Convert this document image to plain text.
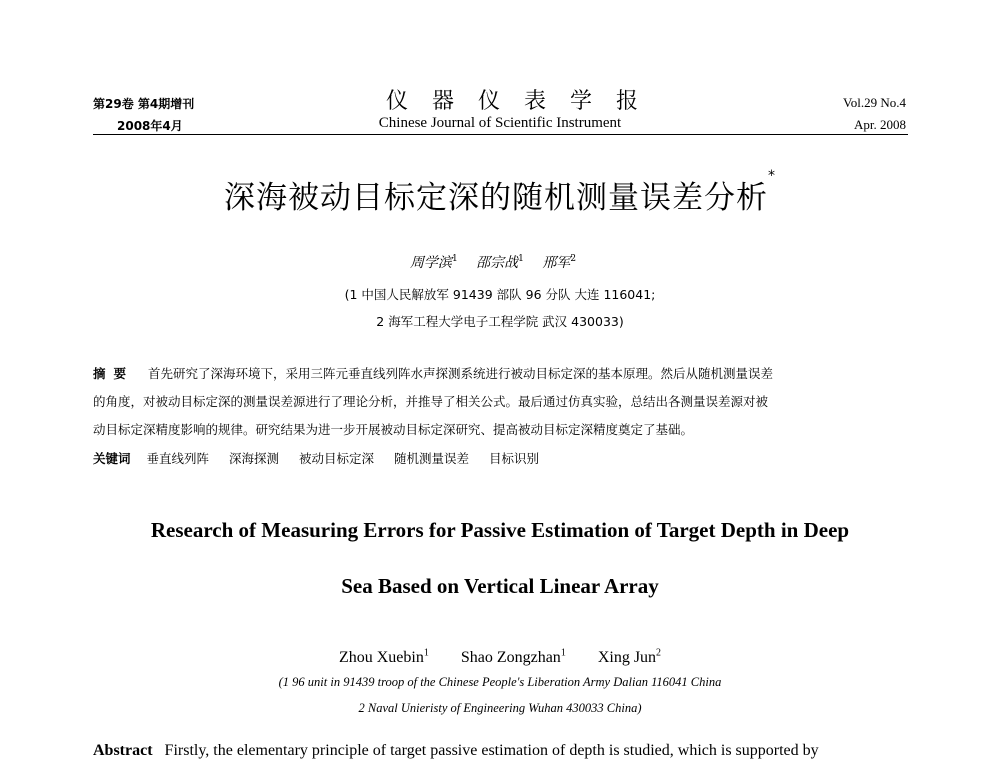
第29卷 第4期增刊
2008年4月
仪器仪表学报
Chinese Journal of Scientific Instrument
Vol.29 No.4
Apr. 2008
深海被动目标定深的随机测量误差分析*
周学滨$^1$ 邵宗战$^1$ 邢军$^2$
(1 中国人民解放军 91439 部队 96 分队 大连 116041;
2 海军工程大学电子工程学院 武汉 430033)
摘要 首先研究了深海环境下，采用三阵元垂直线列阵水声探测系统进行被动目标定深的基本原理。然后从随机测量误差
的角度，对被动目标定深的测量误差源进行了理论分析，并推导了相关公式。最后通过仿真实验，总结出各测量误差源对被
动目标定深精度影响的规律。研究结果为进一步开展被动目标定深研究、提高被动目标定深精度奠定了基础。
关键词 垂直线列阵 深海探测 被动目标定深 随机测量误差 目标识别
Research of Measuring Errors for Passive Estimation of Target Depth in Deep
Sea Based on Vertical Linear Array
Zhou Xuebin$^1$ Shao Zongzhan$^1$ Xing Jun$^2$
(1 96 unit in 91439 troop of the Chinese People's Liberation Army Dalian 116041 China
2 Naval Unieristy of Engineering Wuhan 430033 China)
Abstract Firstly, the elementary principle of target passive estimation of depth is studied, which is supported by
